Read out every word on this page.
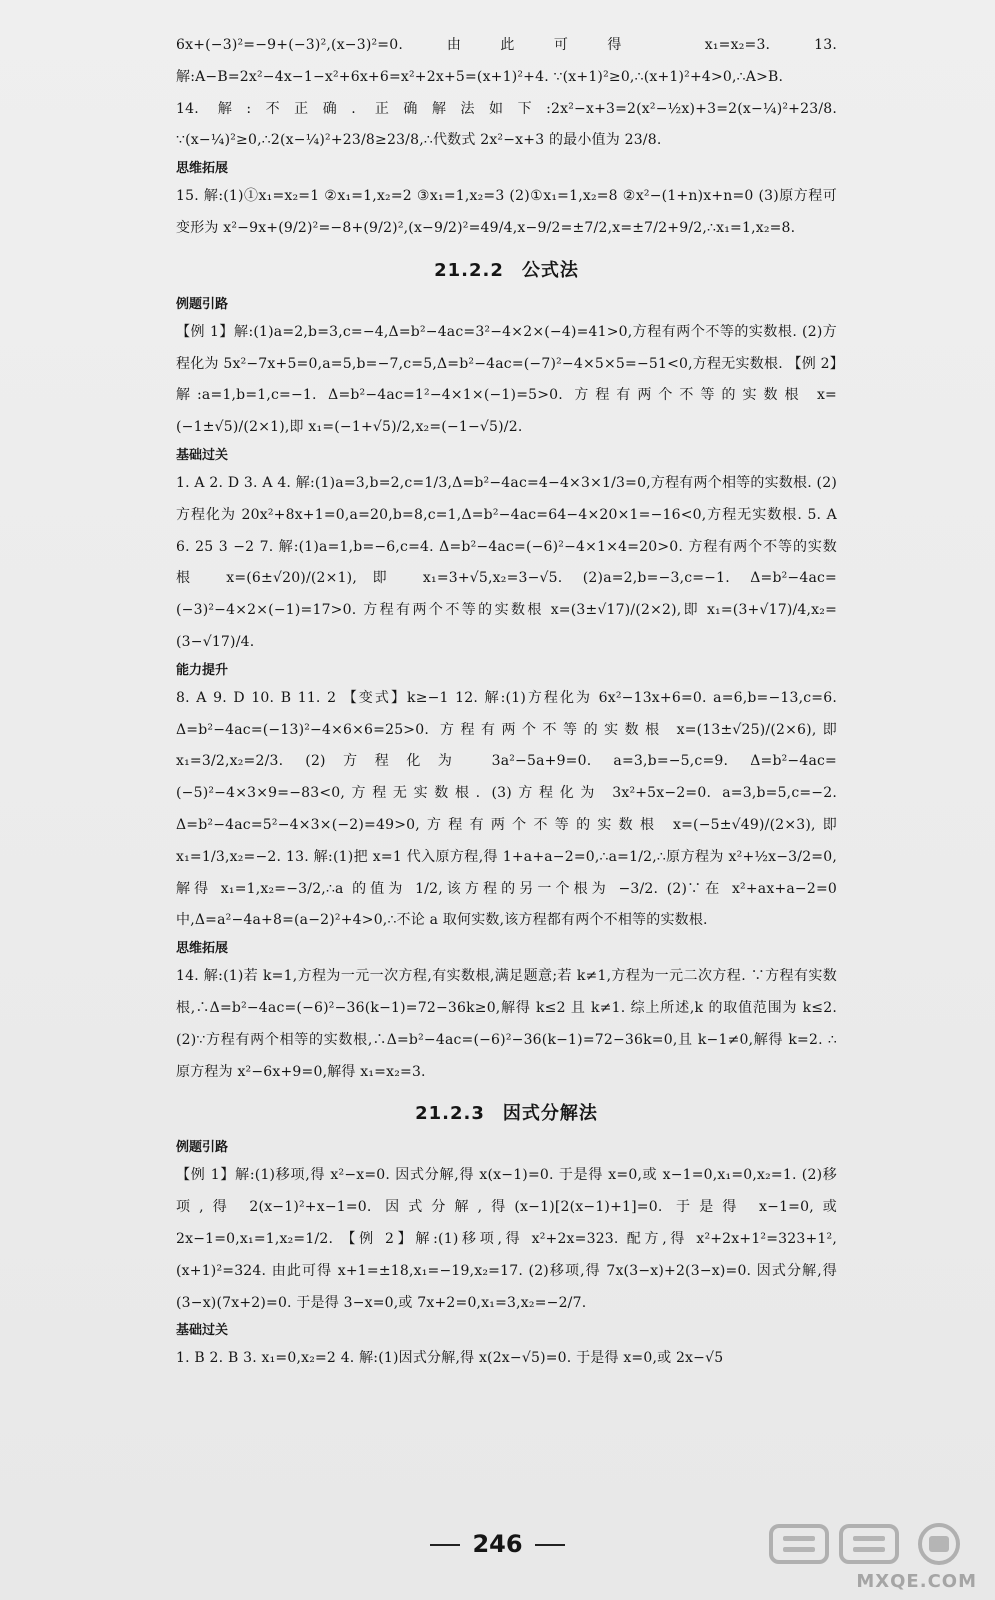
6x+(−3)²=−9+(−3)²,(x−3)²=0. 由此可得 x₁=x₂=3. 13. 解:A−B=2x²−4x−1−x²+6x+6=x²+2x+5=(x+1)²+4. ∵(x+1)²≥0,∴(x+1)²+4>0,∴A>B.

14. 解:不正确. 正确解法如下:2x²−x+3=2(x²−½x)+3=2(x−¼)²+23/8. ∵(x−¼)²≥0,∴2(x−¼)²+23/8≥23/8,∴代数式 2x²−x+3 的最小值为 23/8.

思维拓展

15. 解:(1)①x₁=x₂=1 ②x₁=1,x₂=2 ③x₁=1,x₂=3 (2)①x₁=1,x₂=8 ②x²−(1+n)x+n=0 (3)原方程可变形为 x²−9x+(9/2)²=−8+(9/2)²,(x−9/2)²=49/4,x−9/2=±7/2,x=±7/2+9/2,∴x₁=1,x₂=8.

21.2.2 公式法

例题引路

【例 1】解:(1)a=2,b=3,c=−4,Δ=b²−4ac=3²−4×2×(−4)=41>0,方程有两个不等的实数根. (2)方程化为 5x²−7x+5=0,a=5,b=−7,c=5,Δ=b²−4ac=(−7)²−4×5×5=−51<0,方程无实数根. 【例 2】解:a=1,b=1,c=−1. Δ=b²−4ac=1²−4×1×(−1)=5>0. 方程有两个不等的实数根 x=(−1±√5)/(2×1),即 x₁=(−1+√5)/2,x₂=(−1−√5)/2.

基础过关

1. A 2. D 3. A 4. 解:(1)a=3,b=2,c=1/3,Δ=b²−4ac=4−4×3×1/3=0,方程有两个相等的实数根. (2)方程化为 20x²+8x+1=0,a=20,b=8,c=1,Δ=b²−4ac=64−4×20×1=−16<0,方程无实数根. 5. A 6. 25 3 −2 7. 解:(1)a=1,b=−6,c=4. Δ=b²−4ac=(−6)²−4×1×4=20>0. 方程有两个不等的实数根 x=(6±√20)/(2×1),即 x₁=3+√5,x₂=3−√5. (2)a=2,b=−3,c=−1. Δ=b²−4ac=(−3)²−4×2×(−1)=17>0. 方程有两个不等的实数根 x=(3±√17)/(2×2),即 x₁=(3+√17)/4,x₂=(3−√17)/4.

能力提升

8. A 9. D 10. B 11. 2 【变式】k≥−1 12. 解:(1)方程化为 6x²−13x+6=0. a=6,b=−13,c=6. Δ=b²−4ac=(−13)²−4×6×6=25>0. 方程有两个不等的实数根 x=(13±√25)/(2×6),即 x₁=3/2,x₂=2/3. (2)方程化为 3a²−5a+9=0. a=3,b=−5,c=9. Δ=b²−4ac=(−5)²−4×3×9=−83<0,方程无实数根. (3)方程化为 3x²+5x−2=0. a=3,b=5,c=−2. Δ=b²−4ac=5²−4×3×(−2)=49>0,方程有两个不等的实数根 x=(−5±√49)/(2×3),即 x₁=1/3,x₂=−2. 13. 解:(1)把 x=1 代入原方程,得 1+a+a−2=0,∴a=1/2,∴原方程为 x²+½x−3/2=0,解得 x₁=1,x₂=−3/2,∴a 的值为 1/2,该方程的另一个根为 −3/2. (2)∵在 x²+ax+a−2=0 中,Δ=a²−4a+8=(a−2)²+4>0,∴不论 a 取何实数,该方程都有两个不相等的实数根.

思维拓展

14. 解:(1)若 k=1,方程为一元一次方程,有实数根,满足题意;若 k≠1,方程为一元二次方程. ∵方程有实数根,∴Δ=b²−4ac=(−6)²−36(k−1)=72−36k≥0,解得 k≤2 且 k≠1. 综上所述,k 的取值范围为 k≤2. (2)∵方程有两个相等的实数根,∴Δ=b²−4ac=(−6)²−36(k−1)=72−36k=0,且 k−1≠0,解得 k=2. ∴原方程为 x²−6x+9=0,解得 x₁=x₂=3.

21.2.3 因式分解法

例题引路

【例 1】解:(1)移项,得 x²−x=0. 因式分解,得 x(x−1)=0. 于是得 x=0,或 x−1=0,x₁=0,x₂=1. (2)移项,得 2(x−1)²+x−1=0. 因式分解,得(x−1)[2(x−1)+1]=0. 于是得 x−1=0,或 2x−1=0,x₁=1,x₂=1/2. 【例 2】解:(1)移项,得 x²+2x=323. 配方,得 x²+2x+1²=323+1²,(x+1)²=324. 由此可得 x+1=±18,x₁=−19,x₂=17. (2)移项,得 7x(3−x)+2(3−x)=0. 因式分解,得(3−x)(7x+2)=0. 于是得 3−x=0,或 7x+2=0,x₁=3,x₂=−2/7.

基础过关

1. B 2. B 3. x₁=0,x₂=2 4. 解:(1)因式分解,得 x(2x−√5)=0. 于是得 x=0,或 2x−√5

246
MXQE.COM
